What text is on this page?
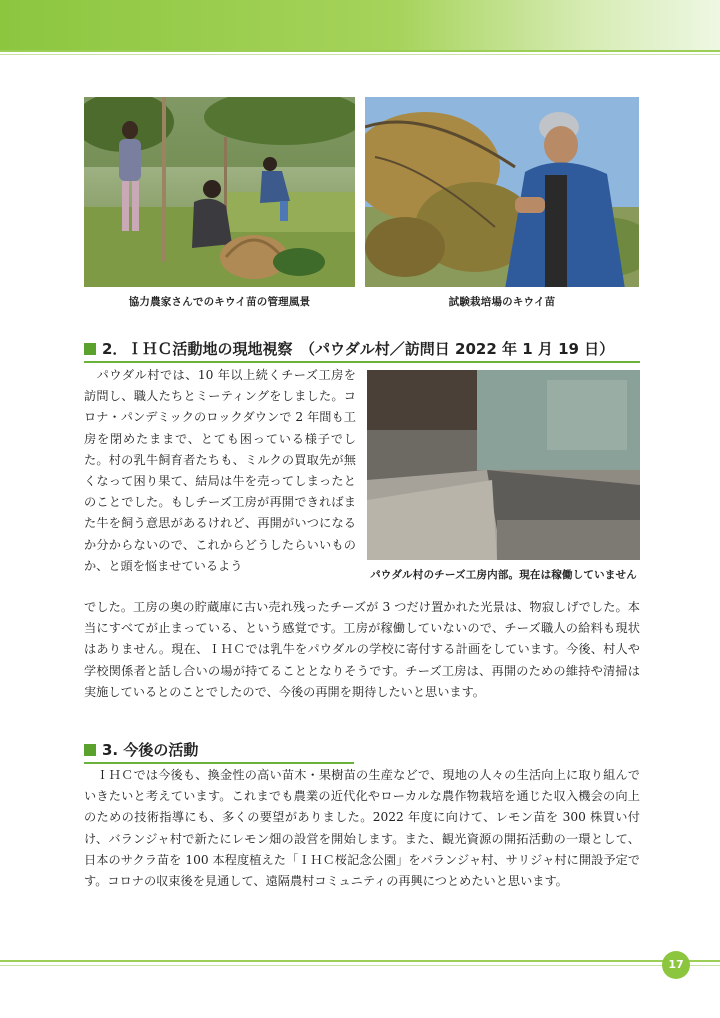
協力農家さんでのキウイ苗の管理風景	試験栽培場のキウイ苗
2．ＩＨＣ活動地の現地視察　（パウダル村／訪問日 2022 年 1 月 19 日）
パウダル村のチーズ工房内部。現在は稼働していません

　パウダル村では、10 年以上続くチーズ工房を訪問し、職人たちとミーティングをしました。コロナ・パンデミックのロックダウンで 2 年間も工房を閉めたままで、とても困っている様子でした。村の乳牛飼育者たちも、ミルクの買取先が無くなって困り果て、結局は牛を売ってしまったとのことでした。もしチーズ工房が再開できればまた牛を飼う意思があるけれど、再開がいつになるか分からないので、これからどうしたらいいものか、と頭を悩ませているよう

でした。工房の奥の貯蔵庫に古い売れ残ったチーズが 3 つだけ置かれた光景は、物寂しげでした。本当にすべてが止まっている、という感覚です。工房が稼働していないので、チーズ職人の給料も現状はありません。現在、ＩＨＣでは乳牛をパウダルの学校に寄付する計画をしています。今後、村人や学校関係者と話し合いの場が持てることとなりそうです。チーズ工房は、再開のための維持や清掃は実施しているとのことでしたので、今後の再開を期待したいと思います。

3. 今後の活動

　ＩＨＣでは今後も、換金性の高い苗木・果樹苗の生産などで、現地の人々の生活向上に取り組んでいきたいと考えています。これまでも農業の近代化やローカルな農作物栽培を通じた収入機会の向上のための技術指導にも、多くの要望がありました。2022 年度に向けて、レモン苗を 300 株買い付け、バランジャ村で新たにレモン畑の設営を開始します。また、観光資源の開拓活動の一環として、日本のサクラ苗を 100 本程度植えた「ＩＨＣ桜記念公園」をバランジャ村、サリジャ村に開設予定です。コロナの収束後を見通して、遠隔農村コミュニティの再興につとめたいと思います。

17
